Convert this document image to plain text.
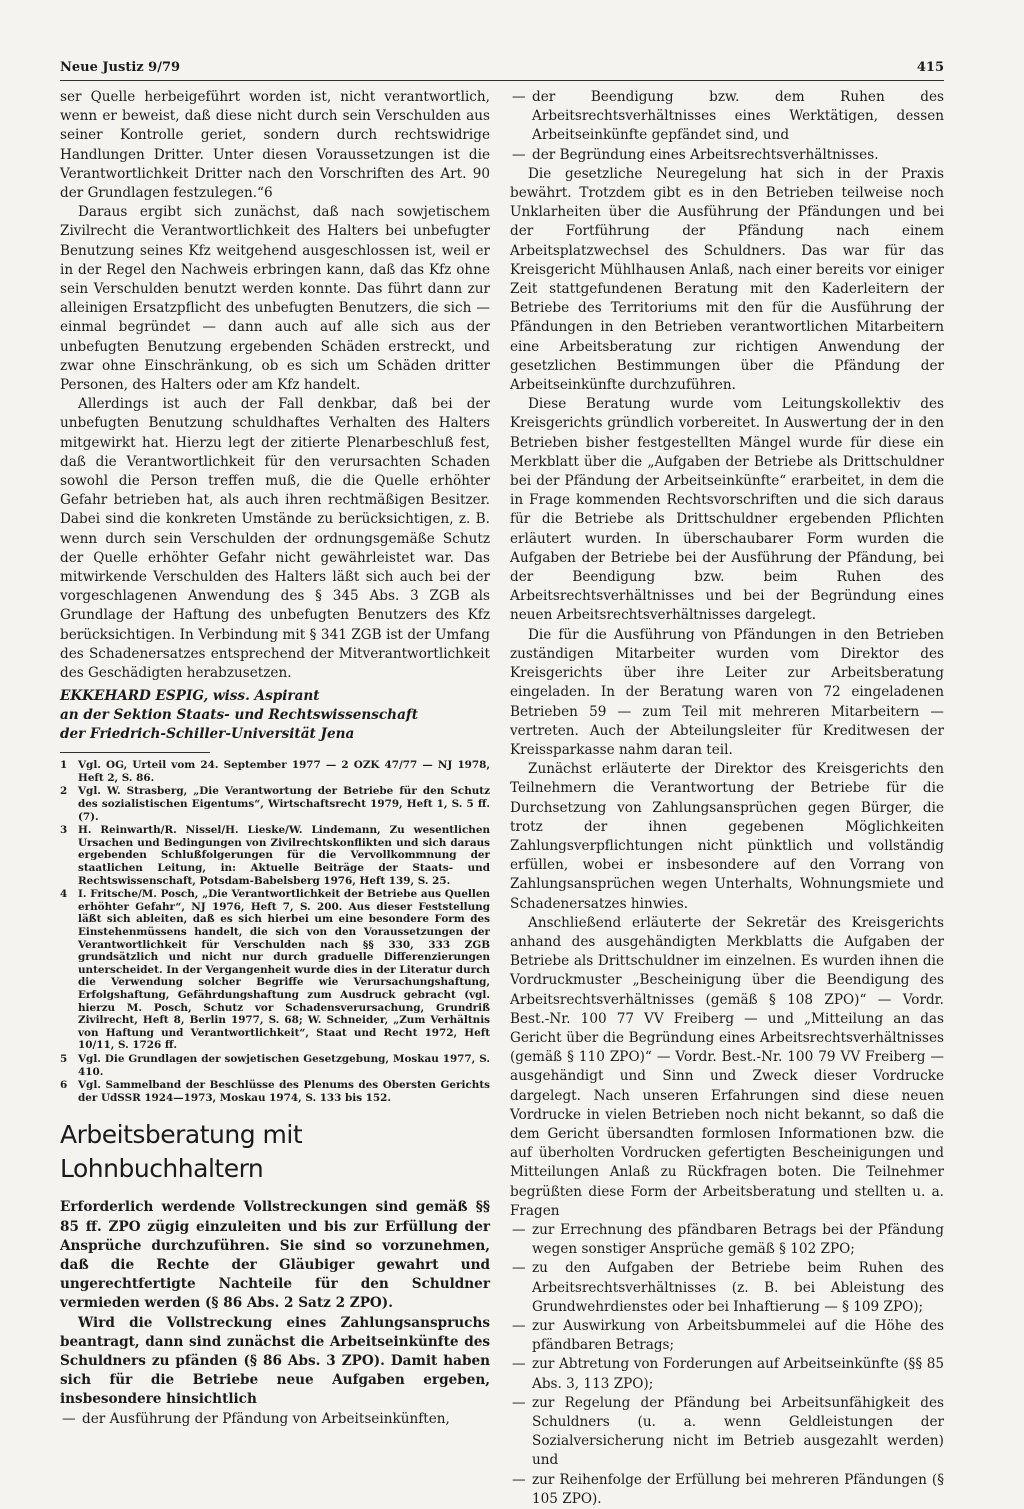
Neue Justiz 9/79	415

ser Quelle herbeigeführt worden ist, nicht verantwortlich, wenn er beweist, daß diese nicht durch sein Verschulden aus seiner Kontrolle geriet, sondern durch rechtswidrige Handlungen Dritter. Unter diesen Voraussetzungen ist die Verantwortlichkeit Dritter nach den Vorschriften des Art. 90 der Grundlagen festzulegen.“6

Daraus ergibt sich zunächst, daß nach sowjetischem Zivilrecht die Verantwortlichkeit des Halters bei unbefugter Benutzung seines Kfz weitgehend ausgeschlossen ist, weil er in der Regel den Nachweis erbringen kann, daß das Kfz ohne sein Verschulden benutzt werden konnte. Das führt dann zur alleinigen Ersatzpflicht des unbefugten Benutzers, die sich — einmal begründet — dann auch auf alle sich aus der unbefugten Benutzung ergebenden Schäden erstreckt, und zwar ohne Einschränkung, ob es sich um Schäden dritter Personen, des Halters oder am Kfz handelt.

Allerdings ist auch der Fall denkbar, daß bei der unbefugten Benutzung schuldhaftes Verhalten des Halters mitgewirkt hat. Hierzu legt der zitierte Plenarbeschluß fest, daß die Verantwortlichkeit für den verursachten Schaden sowohl die Person treffen muß, die die Quelle erhöhter Gefahr betrieben hat, als auch ihren rechtmäßigen Besitzer. Dabei sind die konkreten Umstände zu berücksichtigen, z. B. wenn durch sein Verschulden der ordnungsgemäße Schutz der Quelle erhöhter Gefahr nicht gewährleistet war. Das mitwirkende Verschulden des Halters läßt sich auch bei der vorgeschlagenen Anwendung des § 345 Abs. 3 ZGB als Grundlage der Haftung des unbefugten Benutzers des Kfz berücksichtigen. In Verbindung mit § 341 ZGB ist der Umfang des Schadenersatzes entsprechend der Mitverantwortlichkeit des Geschädigten herabzusetzen.

EKKEHARD ESPIG, wiss. Aspirant
an der Sektion Staats- und Rechtswissenschaft
der Friedrich-Schiller-Universität Jena
1 Vgl. OG, Urteil vom 24. September 1977 — 2 OZK 47/77 — NJ 1978, Heft 2, S. 86.
2 Vgl. W. Strasberg, „Die Verantwortung der Betriebe für den Schutz des sozialistischen Eigentums“, Wirtschaftsrecht 1979, Heft 1, S. 5 ff. (7).
3 H. Reinwarth/R. Nissel/H. Lieske/W. Lindemann, Zu wesentlichen Ursachen und Bedingungen von Zivilrechtskonflikten und sich daraus ergebenden Schlußfolgerungen für die Vervollkommnung der staatlichen Leitung, in: Aktuelle Beiträge der Staats- und Rechtswissenschaft, Potsdam-Babelsberg 1976, Heft 139, S. 25.
4 I. Fritsche/M. Posch, „Die Verantwortlichkeit der Betriebe aus Quellen erhöhter Gefahr“, NJ 1976, Heft 7, S. 200. Aus dieser Feststellung läßt sich ableiten, daß es sich hierbei um eine besondere Form des Einstehenmüssens handelt, die sich von den Voraussetzungen der Verantwortlichkeit für Verschulden nach §§ 330, 333 ZGB grundsätzlich und nicht nur durch graduelle Differenzierungen unterscheidet. In der Vergangenheit wurde dies in der Literatur durch die Verwendung solcher Begriffe wie Verursachungshaftung, Erfolgshaftung, Gefährdungshaftung zum Ausdruck gebracht (vgl. hierzu M. Posch, Schutz vor Schadensverursachung, Grundriß Zivilrecht, Heft 8, Berlin 1977, S. 68; W. Schneider, „Zum Verhältnis von Haftung und Verantwortlichkeit“, Staat und Recht 1972, Heft 10/11, S. 1726 ff.
5 Vgl. Die Grundlagen der sowjetischen Gesetzgebung, Moskau 1977, S. 410.
6 Vgl. Sammelband der Beschlüsse des Plenums des Obersten Gerichts der UdSSR 1924—1973, Moskau 1974, S. 133 bis 152.
Arbeitsberatung mit Lohnbuchhaltern

Erforderlich werdende Vollstreckungen sind gemäß §§ 85 ff. ZPO zügig einzuleiten und bis zur Erfüllung der Ansprüche durchzuführen. Sie sind so vorzunehmen, daß die Rechte der Gläubiger gewahrt und ungerechtfertigte Nachteile für den Schuldner vermieden werden (§ 86 Abs. 2 Satz 2 ZPO).

Wird die Vollstreckung eines Zahlungsanspruchs beantragt, dann sind zunächst die Arbeitseinkünfte des Schuldners zu pfänden (§ 86 Abs. 3 ZPO). Damit haben sich für die Betriebe neue Aufgaben ergeben, insbesondere hinsichtlich

— der Ausführung der Pfändung von Arbeitseinkünften,
— der Beendigung bzw. dem Ruhen des Arbeitsrechtsverhältnisses eines Werktätigen, dessen Arbeitseinkünfte gepfändet sind, und
— der Begründung eines Arbeitsrechtsverhältnisses.

Die gesetzliche Neuregelung hat sich in der Praxis bewährt. Trotzdem gibt es in den Betrieben teilweise noch Unklarheiten über die Ausführung der Pfändungen und bei der Fortführung der Pfändung nach einem Arbeitsplatzwechsel des Schuldners. Das war für das Kreisgericht Mühlhausen Anlaß, nach einer bereits vor einiger Zeit stattgefundenen Beratung mit den Kaderleitern der Betriebe des Territoriums mit den für die Ausführung der Pfändungen in den Betrieben verantwortlichen Mitarbeitern eine Arbeitsberatung zur richtigen Anwendung der gesetzlichen Bestimmungen über die Pfändung der Arbeitseinkünfte durchzuführen.

Diese Beratung wurde vom Leitungskollektiv des Kreisgerichts gründlich vorbereitet. In Auswertung der in den Betrieben bisher festgestellten Mängel wurde für diese ein Merkblatt über die „Aufgaben der Betriebe als Drittschuldner bei der Pfändung der Arbeitseinkünfte“ erarbeitet, in dem die in Frage kommenden Rechtsvorschriften und die sich daraus für die Betriebe als Drittschuldner ergebenden Pflichten erläutert wurden. In überschaubarer Form wurden die Aufgaben der Betriebe bei der Ausführung der Pfändung, bei der Beendigung bzw. beim Ruhen des Arbeitsrechtsverhältnisses und bei der Begründung eines neuen Arbeitsrechtsverhältnisses dargelegt.

Die für die Ausführung von Pfändungen in den Betrieben zuständigen Mitarbeiter wurden vom Direktor des Kreisgerichts über ihre Leiter zur Arbeitsberatung eingeladen. In der Beratung waren von 72 eingeladenen Betrieben 59 — zum Teil mit mehreren Mitarbeitern — vertreten. Auch der Abteilungsleiter für Kreditwesen der Kreissparkasse nahm daran teil.

Zunächst erläuterte der Direktor des Kreisgerichts den Teilnehmern die Verantwortung der Betriebe für die Durchsetzung von Zahlungsansprüchen gegen Bürger, die trotz der ihnen gegebenen Möglichkeiten Zahlungsverpflichtungen nicht pünktlich und vollständig erfüllen, wobei er insbesondere auf den Vorrang von Zahlungsansprüchen wegen Unterhalts, Wohnungsmiete und Schadenersatzes hinwies.

Anschließend erläuterte der Sekretär des Kreisgerichts anhand des ausgehändigten Merkblatts die Aufgaben der Betriebe als Drittschuldner im einzelnen. Es wurden ihnen die Vordruckmuster „Bescheinigung über die Beendigung des Arbeitsrechtsverhältnisses (gemäß § 108 ZPO)“ — Vordr. Best.-Nr. 100 77 VV Freiberg — und „Mitteilung an das Gericht über die Begründung eines Arbeitsrechtsverhältnisses (gemäß § 110 ZPO)“ — Vordr. Best.-Nr. 100 79 VV Freiberg — ausgehändigt und Sinn und Zweck dieser Vordrucke dargelegt. Nach unseren Erfahrungen sind diese neuen Vordrucke in vielen Betrieben noch nicht bekannt, so daß die dem Gericht übersandten formlosen Informationen bzw. die auf überholten Vordrucken gefertigten Bescheinigungen und Mitteilungen Anlaß zu Rückfragen boten. Die Teilnehmer begrüßten diese Form der Arbeitsberatung und stellten u. a. Fragen

— zur Errechnung des pfändbaren Betrags bei der Pfändung wegen sonstiger Ansprüche gemäß § 102 ZPO;
— zu den Aufgaben der Betriebe beim Ruhen des Arbeitsrechtsverhältnisses (z. B. bei Ableistung des Grundwehrdienstes oder bei Inhaftierung — § 109 ZPO);
— zur Auswirkung von Arbeitsbummelei auf die Höhe des pfändbaren Betrags;
— zur Abtretung von Forderungen auf Arbeitseinkünfte (§§ 85 Abs. 3, 113 ZPO);
— zur Regelung der Pfändung bei Arbeitsunfähigkeit des Schuldners (u. a. wenn Geldleistungen der Sozialversicherung nicht im Betrieb ausgezahlt werden) und
— zur Reihenfolge der Erfüllung bei mehreren Pfändungen (§ 105 ZPO).
